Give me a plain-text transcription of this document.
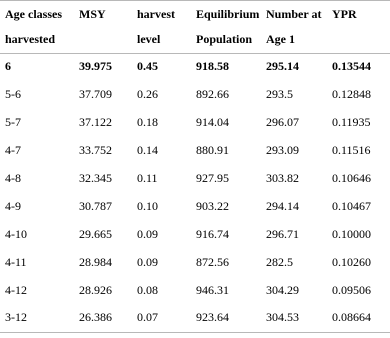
Age classes	MSY	harvest	Equilibrium	Number at	YPR
harvested		level	Population	Age 1	
6	39.975	0.45	918.58	295.14	0.13544
5-6	37.709	0.26	892.66	293.5	0.12848
5-7	37.122	0.18	914.04	296.07	0.11935
4-7	33.752	0.14	880.91	293.09	0.11516
4-8	32.345	0.11	927.95	303.82	0.10646
4-9	30.787	0.10	903.22	294.14	0.10467
4-10	29.665	0.09	916.74	296.71	0.10000
4-11	28.984	0.09	872.56	282.5	0.10260
4-12	28.926	0.08	946.31	304.29	0.09506
3-12	26.386	0.07	923.64	304.53	0.08664
